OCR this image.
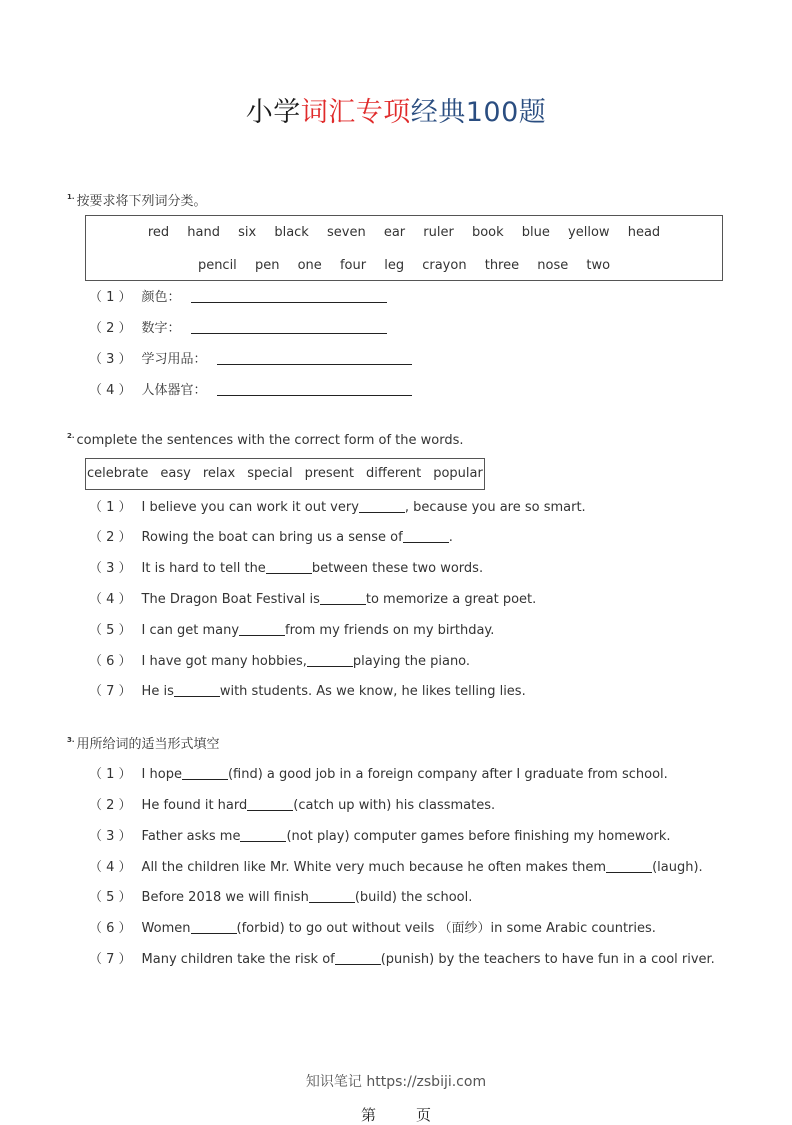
小学词汇专项经典100题
$^{1.}$ 按要求将下列词分类。
red hand six black seven ear ruler book blue yellow head
pencil pen one four leg crayon three nose two
（ 1 ） 颜色：
（ 2 ） 数字：
（ 3 ） 学习用品：
（ 4 ） 人体器官：
$^{2.}$ complete the sentences with the correct form of the words.
celebrate easy relax special present different popular
（ 1 ） I believe you can work it out very	, because you are so smart.
（ 2 ） Rowing the boat can bring us a sense of	.
（ 3 ） It is hard to tell the	between these two words.
（ 4 ） The Dragon Boat Festival is	to memorize a great poet.
（ 5 ） I can get many	from my friends on my birthday.
（ 6 ） I have got many hobbies,	playing the piano.
（ 7 ） He is	with students. As we know, he likes telling lies.
$^{3.}$ 用所给词的适当形式填空
（ 1 ） I hope	(find) a good job in a foreign company after I graduate from school.
（ 2 ） He found it hard	(catch up with) his classmates.
（ 3 ） Father asks me	(not play) computer games before finishing my homework.
（ 4 ） All the children like Mr. White very much because he often makes them	(laugh).
（ 5 ） Before 2018 we will finish	(build) the school.
（ 6 ） Women	(forbid) to go out without veils （面纱）in some Arabic countries.
（ 7 ） Many children take the risk of	(punish) by the teachers to have fun in a cool river.
知识笔记 https://zsbiji.com
第	页
